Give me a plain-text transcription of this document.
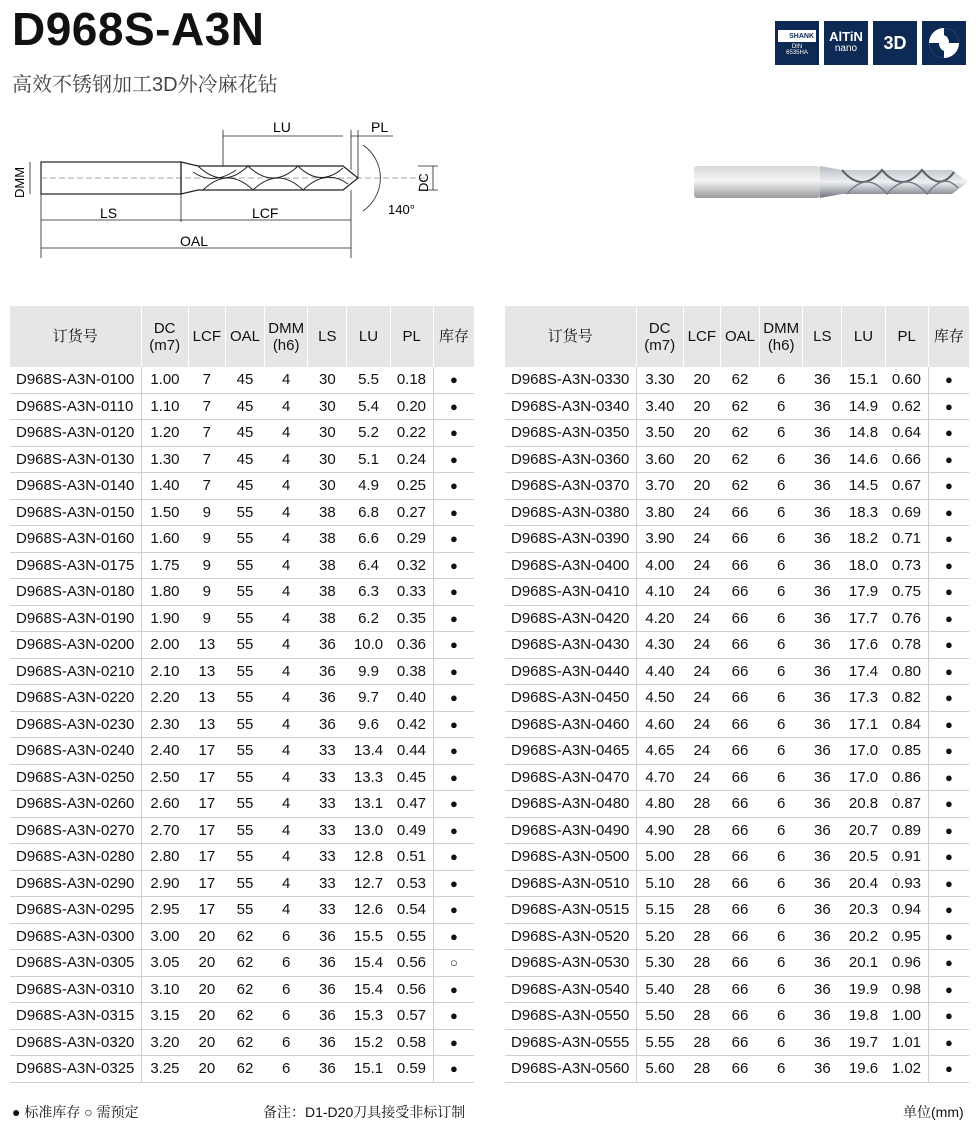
D968S-A3N
高效不锈钢加工3D外冷麻花钻
SHANK
DIN
6535HA
AlTiN
nano	3D
LU	PL
DMM	DC
140°
LS	LCF
OAL
订货号	DC
(m7)	LCF	OAL	DMM
(h6)	LS	LU	PL	库存
D968S-A3N-0100	1.00	7	45	4	30	5.5	0.18	●
D968S-A3N-0110	1.10	7	45	4	30	5.4	0.20	●
D968S-A3N-0120	1.20	7	45	4	30	5.2	0.22	●
D968S-A3N-0130	1.30	7	45	4	30	5.1	0.24	●
D968S-A3N-0140	1.40	7	45	4	30	4.9	0.25	●
D968S-A3N-0150	1.50	9	55	4	38	6.8	0.27	●
D968S-A3N-0160	1.60	9	55	4	38	6.6	0.29	●
D968S-A3N-0175	1.75	9	55	4	38	6.4	0.32	●
D968S-A3N-0180	1.80	9	55	4	38	6.3	0.33	●
D968S-A3N-0190	1.90	9	55	4	38	6.2	0.35	●
D968S-A3N-0200	2.00	13	55	4	36	10.0	0.36	●
D968S-A3N-0210	2.10	13	55	4	36	9.9	0.38	●
D968S-A3N-0220	2.20	13	55	4	36	9.7	0.40	●
D968S-A3N-0230	2.30	13	55	4	36	9.6	0.42	●
D968S-A3N-0240	2.40	17	55	4	33	13.4	0.44	●
D968S-A3N-0250	2.50	17	55	4	33	13.3	0.45	●
D968S-A3N-0260	2.60	17	55	4	33	13.1	0.47	●
D968S-A3N-0270	2.70	17	55	4	33	13.0	0.49	●
D968S-A3N-0280	2.80	17	55	4	33	12.8	0.51	●
D968S-A3N-0290	2.90	17	55	4	33	12.7	0.53	●
D968S-A3N-0295	2.95	17	55	4	33	12.6	0.54	●
D968S-A3N-0300	3.00	20	62	6	36	15.5	0.55	●
D968S-A3N-0305	3.05	20	62	6	36	15.4	0.56	○
D968S-A3N-0310	3.10	20	62	6	36	15.4	0.56	●
D968S-A3N-0315	3.15	20	62	6	36	15.3	0.57	●
D968S-A3N-0320	3.20	20	62	6	36	15.2	0.58	●
D968S-A3N-0325	3.25	20	62	6	36	15.1	0.59	●
订货号	DC
(m7)	LCF	OAL	DMM
(h6)	LS	LU	PL	库存
D968S-A3N-0330	3.30	20	62	6	36	15.1	0.60	●
D968S-A3N-0340	3.40	20	62	6	36	14.9	0.62	●
D968S-A3N-0350	3.50	20	62	6	36	14.8	0.64	●
D968S-A3N-0360	3.60	20	62	6	36	14.6	0.66	●
D968S-A3N-0370	3.70	20	62	6	36	14.5	0.67	●
D968S-A3N-0380	3.80	24	66	6	36	18.3	0.69	●
D968S-A3N-0390	3.90	24	66	6	36	18.2	0.71	●
D968S-A3N-0400	4.00	24	66	6	36	18.0	0.73	●
D968S-A3N-0410	4.10	24	66	6	36	17.9	0.75	●
D968S-A3N-0420	4.20	24	66	6	36	17.7	0.76	●
D968S-A3N-0430	4.30	24	66	6	36	17.6	0.78	●
D968S-A3N-0440	4.40	24	66	6	36	17.4	0.80	●
D968S-A3N-0450	4.50	24	66	6	36	17.3	0.82	●
D968S-A3N-0460	4.60	24	66	6	36	17.1	0.84	●
D968S-A3N-0465	4.65	24	66	6	36	17.0	0.85	●
D968S-A3N-0470	4.70	24	66	6	36	17.0	0.86	●
D968S-A3N-0480	4.80	28	66	6	36	20.8	0.87	●
D968S-A3N-0490	4.90	28	66	6	36	20.7	0.89	●
D968S-A3N-0500	5.00	28	66	6	36	20.5	0.91	●
D968S-A3N-0510	5.10	28	66	6	36	20.4	0.93	●
D968S-A3N-0515	5.15	28	66	6	36	20.3	0.94	●
D968S-A3N-0520	5.20	28	66	6	36	20.2	0.95	●
D968S-A3N-0530	5.30	28	66	6	36	20.1	0.96	●
D968S-A3N-0540	5.40	28	66	6	36	19.9	0.98	●
D968S-A3N-0550	5.50	28	66	6	36	19.8	1.00	●
D968S-A3N-0555	5.55	28	66	6	36	19.7	1.01	●
D968S-A3N-0560	5.60	28	66	6	36	19.6	1.02	●
● 标准库存 ○ 需预定	备注：D1-D20刀具接受非标订制	单位(mm)
